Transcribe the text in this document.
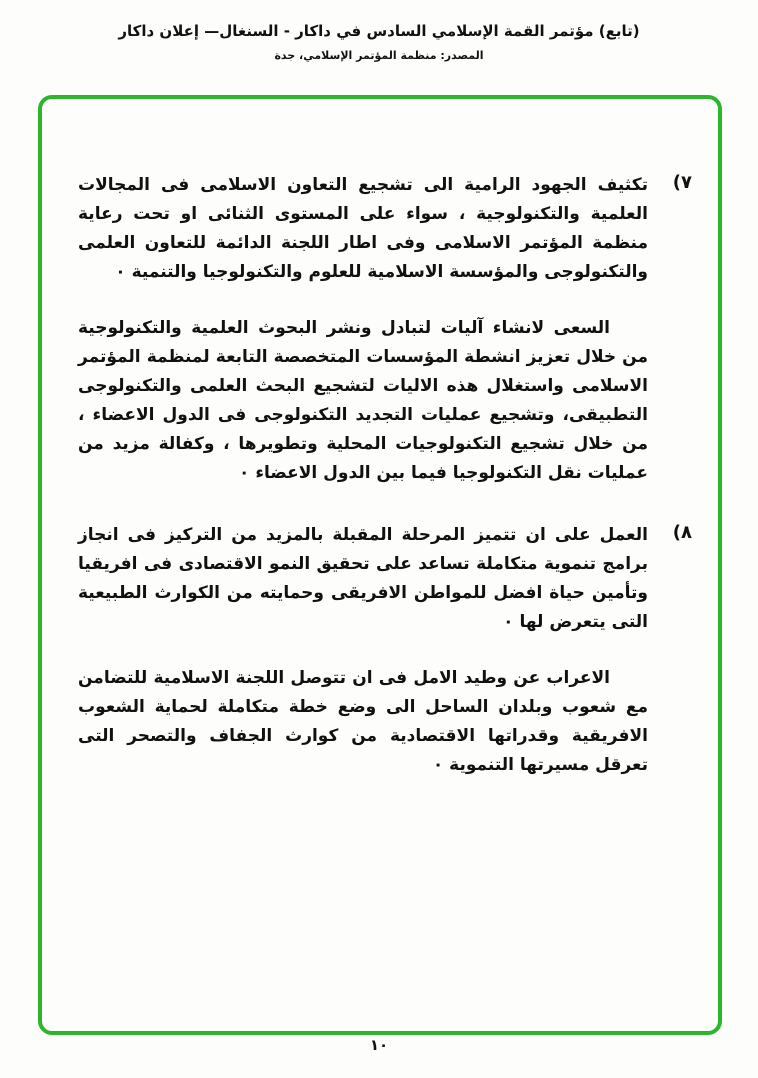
(تابع) مؤتمر القمة الإسلامي السادس في داكار - السنغال— إعلان داكار
المصدر: منظمة المؤتمر الإسلامي، جدة
٧)

تكثيف الجهود الرامية الى تشجيع التعاون الاسلامى فى المجالات العلمية والتكنولوجية ، سواء على المستوى الثنائى او تحت رعاية منظمة المؤتمر الاسلامى وفى اطار اللجنة الدائمة للتعاون العلمى والتكنولوجى والمؤسسة الاسلامية للعلوم والتكنولوجيا والتنمية ۰

السعى لانشاء آليات لتبادل ونشر البحوث العلمية والتكنولوجية من خلال تعزيز انشطة المؤسسات المتخصصة التابعة لمنظمة المؤتمر الاسلامى واستغلال هذه الاليات لتشجيع البحث العلمى والتكنولوجى التطبيقى، وتشجيع عمليات التجديد التكنولوجى فى الدول الاعضاء ، من خلال تشجيع التكنولوجيات المحلية وتطويرها ، وكفالة مزيد من عمليات نقل التكنولوجيا فيما بين الدول الاعضاء ۰

٨)

العمل على ان تتميز المرحلة المقبلة بالمزيد من التركيز فى انجاز برامج تنموية متكاملة تساعد على تحقيق النمو الاقتصادى فى افريقيا وتأمين حياة افضل للمواطن الافريقى وحمايته من الكوارث الطبيعية التى يتعرض لها ۰

الاعراب عن وطيد الامل فى ان تتوصل اللجنة الاسلامية للتضامن مع شعوب وبلدان الساحل الى وضع خطة متكاملة لحماية الشعوب الافريقية وقدراتها الاقتصادية من كوارث الجفاف والتصحر التى تعرقل مسيرتها التنموية ۰

١٠
